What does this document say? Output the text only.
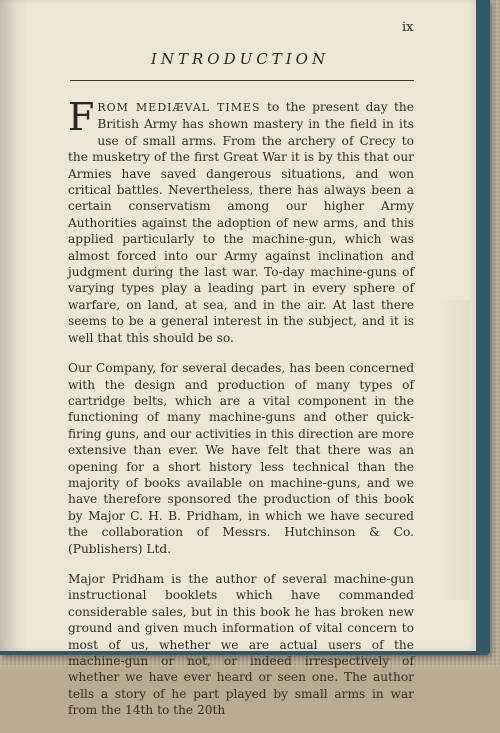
ix
INTRODUCTION

FROM MEDIÆVAL TIMES to the present day the British Army has shown mastery in the field in its use of small arms. From the archery of Crecy to the musketry of the first Great War it is by this that our Armies have saved dangerous situations, and won critical battles. Nevertheless, there has always been a certain conservatism among our higher Army Authorities against the adoption of new arms, and this applied particularly to the machine-gun, which was almost forced into our Army against inclination and judgment during the last war. To-day machine-guns of varying types play a leading part in every sphere of warfare, on land, at sea, and in the air. At last there seems to be a general interest in the subject, and it is well that this should be so.

Our Company, for several decades, has been concerned with the design and production of many types of cartridge belts, which are a vital component in the functioning of many machine-guns and other quick-firing guns, and our activities in this direction are more extensive than ever. We have felt that there was an opening for a short history less technical than the majority of books available on machine-guns, and we have therefore sponsored the production of this book by Major C. H. B. Pridham, in which we have secured the collaboration of Messrs. Hutchinson & Co. (Publishers) Ltd.

Major Pridham is the author of several machine-gun instructional booklets which have commanded considerable sales, but in this book he has broken new ground and given much information of vital concern to most of us, whether we are actual users of the machine-gun or not, or indeed irrespectively of whether we have ever heard or seen one. The author tells a story of he part played by small arms in war from the 14th to the 20th
